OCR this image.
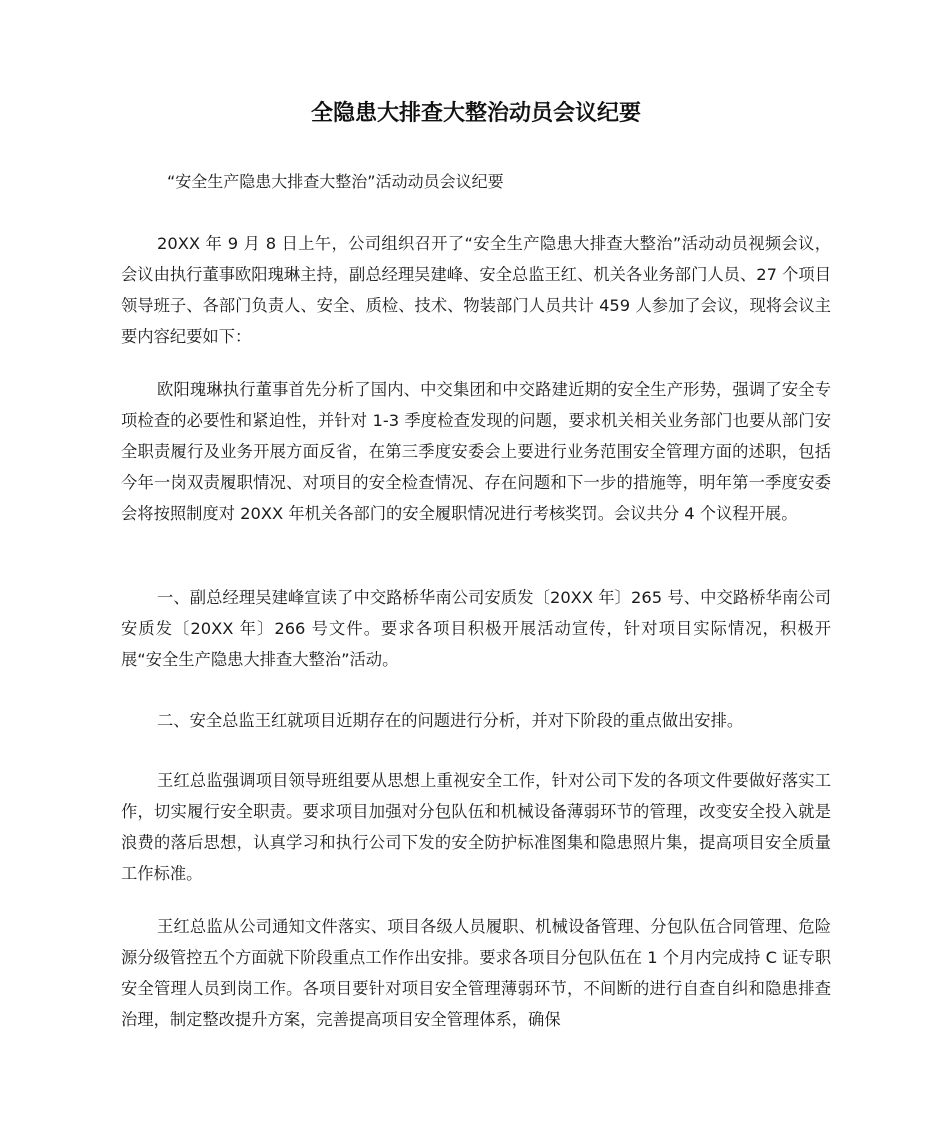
全隐患大排查大整治动员会议纪要

“安全生产隐患大排查大整治”活动动员会议纪要

20XX 年 9 月 8 日上午，公司组织召开了“安全生产隐患大排查大整治”活动动员视频会议，会议由执行董事欧阳瑰琳主持，副总经理吴建峰、安全总监王红、机关各业务部门人员、27 个项目领导班子、各部门负责人、安全、质检、技术、物装部门人员共计 459 人参加了会议，现将会议主要内容纪要如下：

欧阳瑰琳执行董事首先分析了国内、中交集团和中交路建近期的安全生产形势，强调了安全专项检查的必要性和紧迫性，并针对 1-3 季度检查发现的问题，要求机关相关业务部门也要从部门安全职责履行及业务开展方面反省，在第三季度安委会上要进行业务范围安全管理方面的述职，包括今年一岗双责履职情况、对项目的安全检查情况、存在问题和下一步的措施等，明年第一季度安委会将按照制度对 20XX 年机关各部门的安全履职情况进行考核奖罚。会议共分 4 个议程开展。

一、副总经理吴建峰宣读了中交路桥华南公司安质发〔20XX 年〕265 号、中交路桥华南公司安质发〔20XX 年〕266 号文件。要求各项目积极开展活动宣传，针对项目实际情况，积极开展“安全生产隐患大排查大整治”活动。

二、安全总监王红就项目近期存在的问题进行分析，并对下阶段的重点做出安排。

王红总监强调项目领导班组要从思想上重视安全工作，针对公司下发的各项文件要做好落实工作，切实履行安全职责。要求项目加强对分包队伍和机械设备薄弱环节的管理，改变安全投入就是浪费的落后思想，认真学习和执行公司下发的安全防护标准图集和隐患照片集，提高项目安全质量工作标准。

王红总监从公司通知文件落实、项目各级人员履职、机械设备管理、分包队伍合同管理、危险源分级管控五个方面就下阶段重点工作作出安排。要求各项目分包队伍在 1 个月内完成持 C 证专职安全管理人员到岗工作。各项目要针对项目安全管理薄弱环节，不间断的进行自查自纠和隐患排查治理，制定整改提升方案，完善提高项目安全管理体系，确保
